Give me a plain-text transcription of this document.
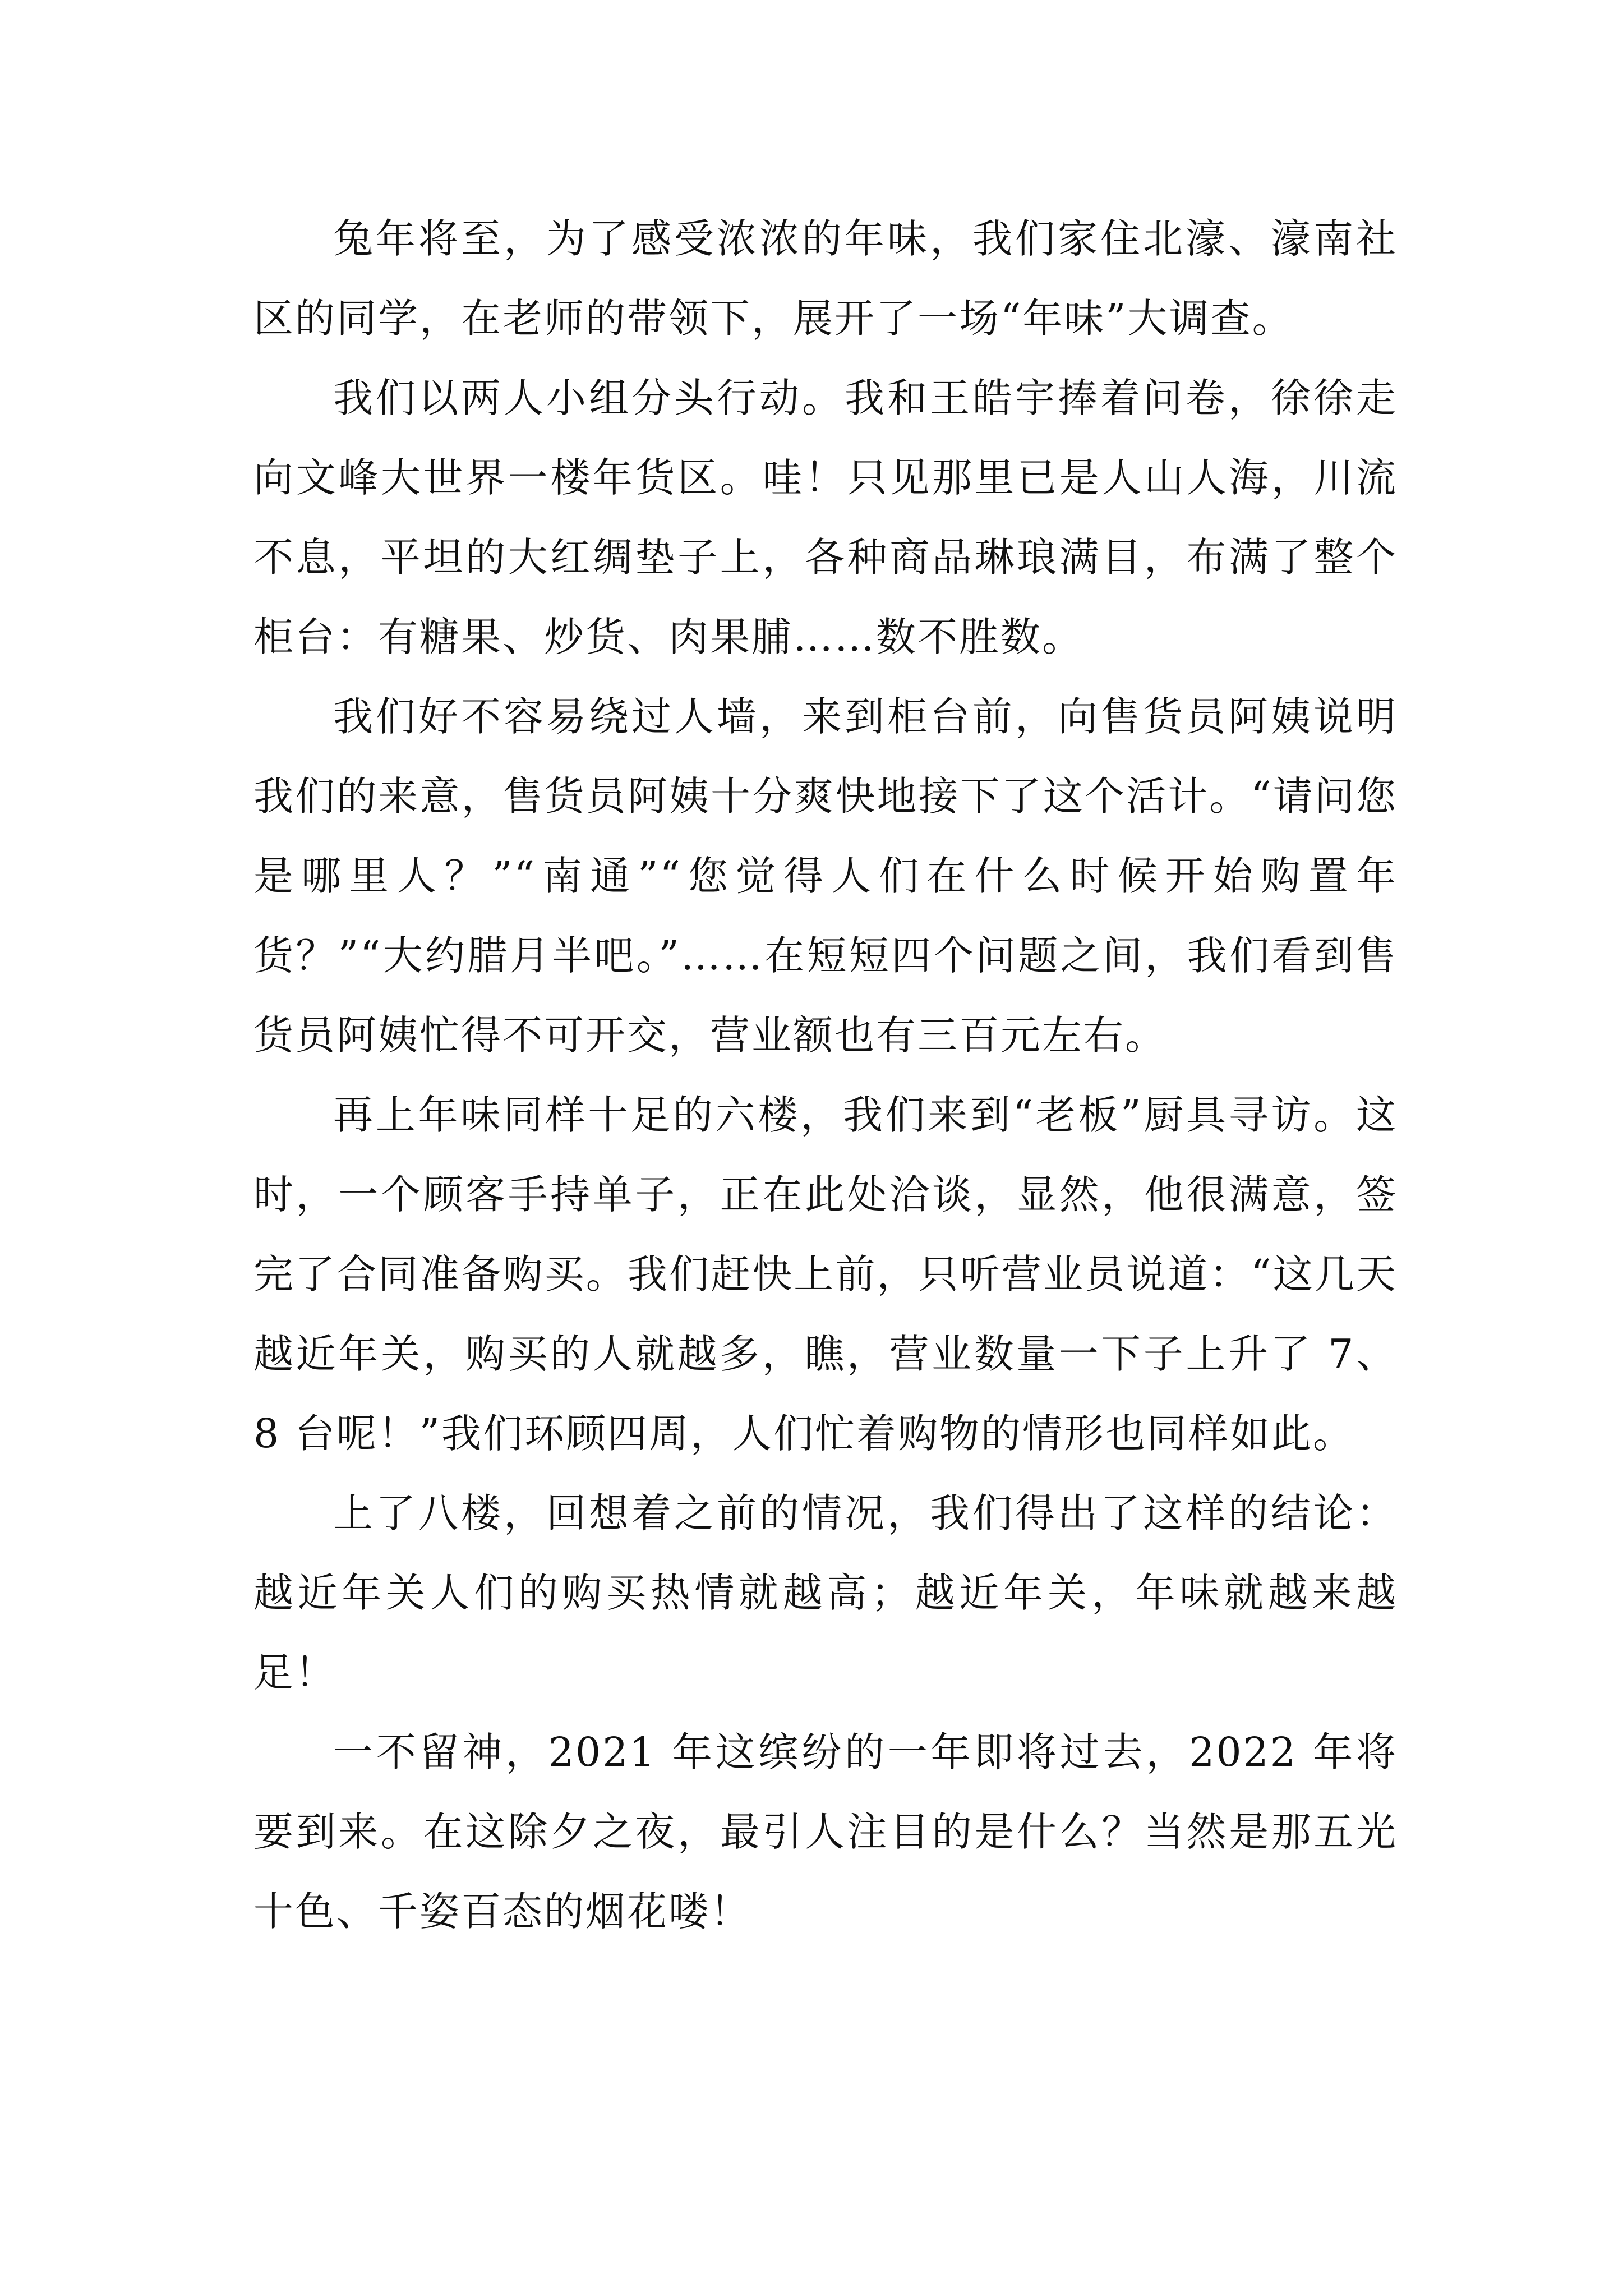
兔年将至，为了感受浓浓的年味，我们家住北濠、濠南社区的同学，在老师的带领下，展开了一场“年味”大调查。

我们以两人小组分头行动。我和王皓宇捧着问卷，徐徐走向文峰大世界一楼年货区。哇！只见那里已是人山人海，川流不息，平坦的大红绸垫子上，各种商品琳琅满目，布满了整个柜台：有糖果、炒货、肉果脯……数不胜数。

我们好不容易绕过人墙，来到柜台前，向售货员阿姨说明我们的来意，售货员阿姨十分爽快地接下了这个活计。“请问您是哪里人？”“南通”“您觉得人们在什么时候开始购置年货？”“大约腊月半吧。”……在短短四个问题之间，我们看到售货员阿姨忙得不可开交，营业额也有三百元左右。

再上年味同样十足的六楼，我们来到“老板”厨具寻访。这时，一个顾客手持单子，正在此处洽谈，显然，他很满意，签完了合同准备购买。我们赶快上前，只听营业员说道：“这几天越近年关，购买的人就越多，瞧，营业数量一下子上升了 7、8 台呢！”我们环顾四周，人们忙着购物的情形也同样如此。

上了八楼，回想着之前的情况，我们得出了这样的结论：越近年关人们的购买热情就越高；越近年关，年味就越来越足！

一不留神，2021 年这缤纷的一年即将过去，2022 年将要到来。在这除夕之夜，最引人注目的是什么？当然是那五光十色、千姿百态的烟花喽！
